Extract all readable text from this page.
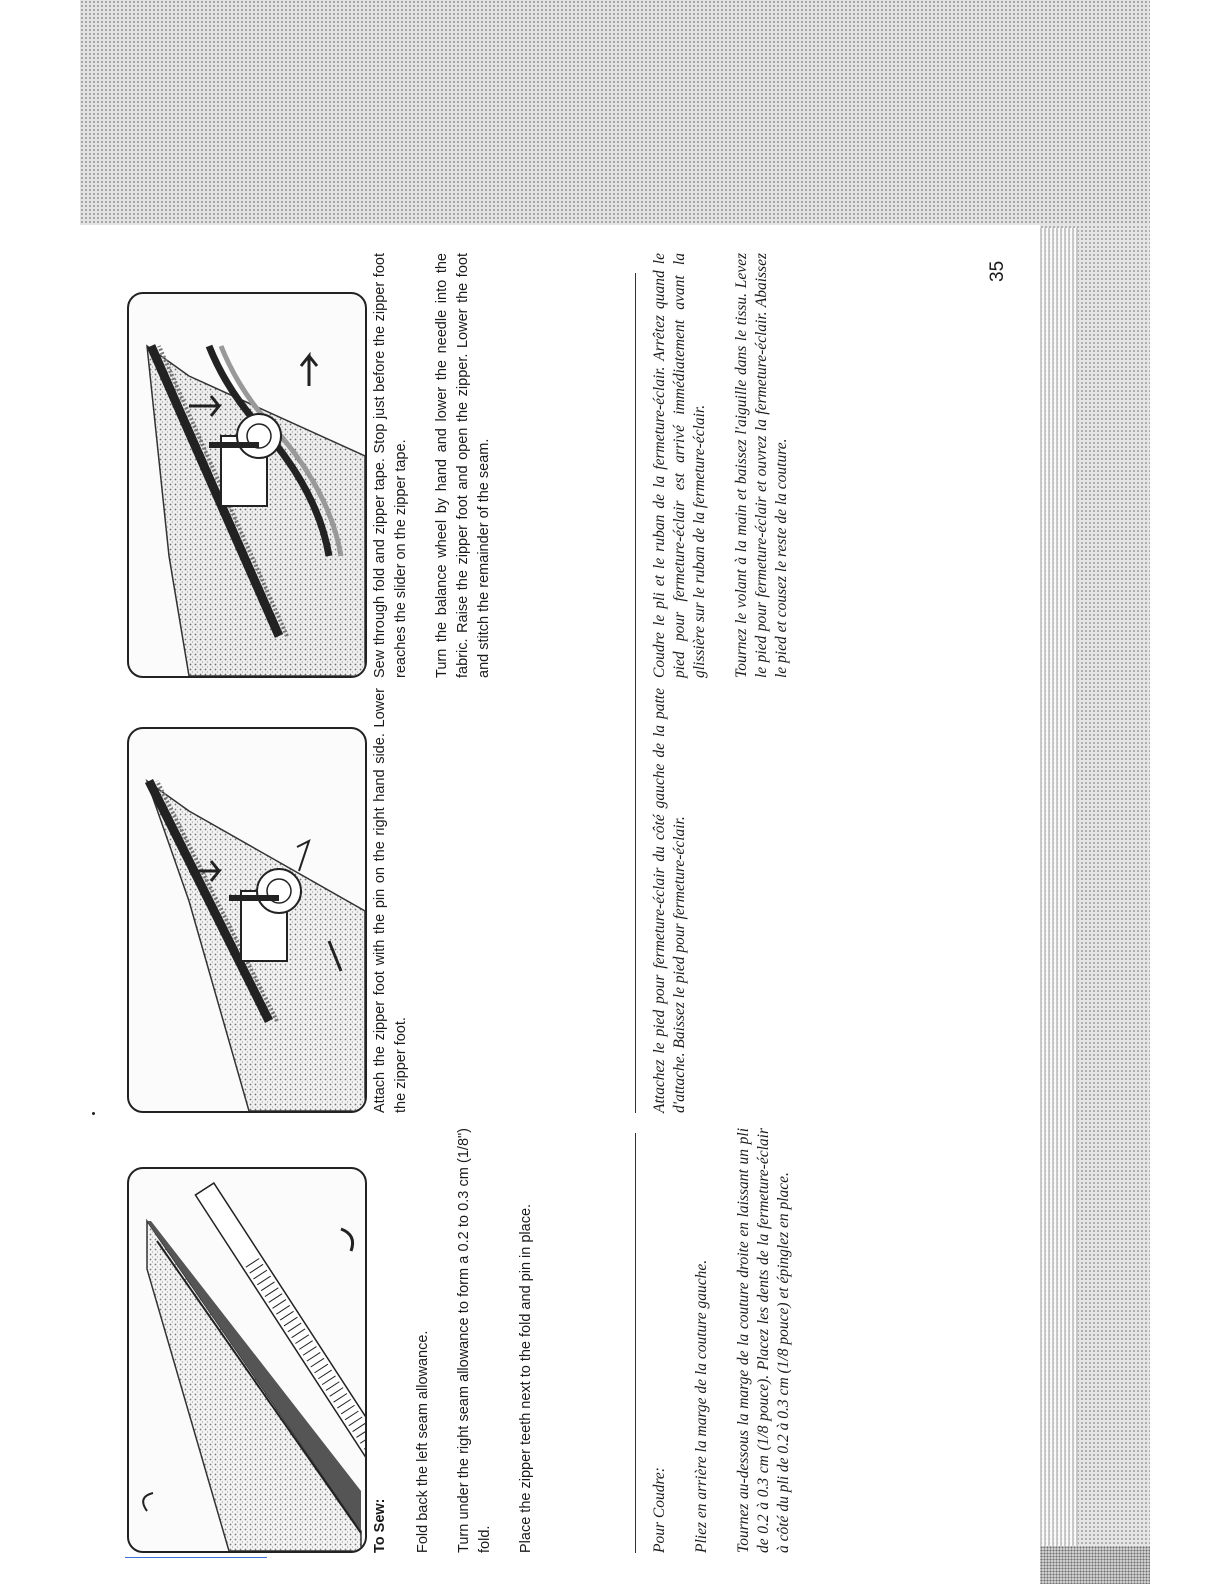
To Sew: Fold back the left seam allowance. Turn under the right seam allowance to form a 0.2 to 0.3 cm (1/8") fold. Place the zipper teeth next to the fold and pin in place.	Pour Coudre: Pliez en arrière la marge de la couture gauche. Tournez au-dessous la marge de la couture droite en laissant un pli de 0.2 à 0.3 cm (1/8 pouce). Placez les dents de la fermeture-éclair à côté du pli de 0.2 à 0.3 cm (1/8 pouce) et épinglez en place.

Attach the zipper foot with the pin on the right hand side. Lower the zipper foot.	Attachez le pied pour fermeture-éclair du côté gauche de la patte d'attache. Baissez le pied pour fermeture-éclair.

Sew through fold and zipper tape. Stop just before the zipper foot reaches the slider on the zipper tape. Turn the balance wheel by hand and lower the needle into the fabric. Raise the zipper foot and open the zipper. Lower the foot and stitch the remainder of the seam.	Coudre le pli et le ruban de la fermeture-éclair. Arrêtez quand le pied pour fermeture-éclair est arrivé immédiatement avant la glissière sur le ruban de la fermeture-éclair. Tournez le volant à la main et baissez l'aiguille dans le tissu. Levez le pied pour fermeture-éclair et ouvrez la fermeture-éclair. Abaissez le pied et cousez le reste de la couture.

35
